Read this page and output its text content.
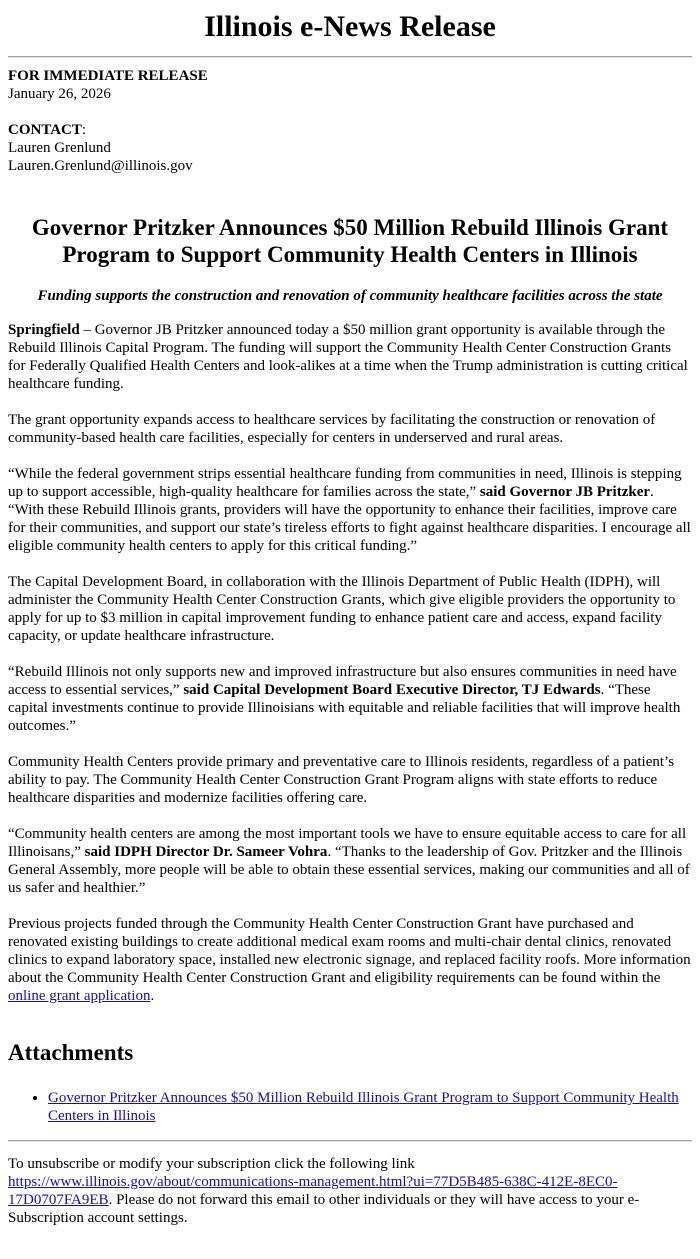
Illinois e-News Release
FOR IMMEDIATE RELEASE
January 26, 2026
CONTACT:
Lauren Grenlund
Lauren.Grenlund@illinois.gov
Governor Pritzker Announces $50 Million Rebuild Illinois Grant Program to Support Community Health Centers in Illinois

Funding supports the construction and renovation of community healthcare facilities across the state

Springfield – Governor JB Pritzker announced today a $50 million grant opportunity is available through the Rebuild Illinois Capital Program. The funding will support the Community Health Center Construction Grants for Federally Qualified Health Centers and look-alikes at a time when the Trump administration is cutting critical healthcare funding.

The grant opportunity expands access to healthcare services by facilitating the construction or renovation of community-based health care facilities, especially for centers in underserved and rural areas.

“While the federal government strips essential healthcare funding from communities in need, Illinois is stepping up to support accessible, high-quality healthcare for families across the state,” said Governor JB Pritzker. “With these Rebuild Illinois grants, providers will have the opportunity to enhance their facilities, improve care for their communities, and support our state’s tireless efforts to fight against healthcare disparities. I encourage all eligible community health centers to apply for this critical funding.”

The Capital Development Board, in collaboration with the Illinois Department of Public Health (IDPH), will administer the Community Health Center Construction Grants, which give eligible providers the opportunity to apply for up to $3 million in capital improvement funding to enhance patient care and access, expand facility capacity, or update healthcare infrastructure.

“Rebuild Illinois not only supports new and improved infrastructure but also ensures communities in need have access to essential services,” said Capital Development Board Executive Director, TJ Edwards. “These capital investments continue to provide Illinoisians with equitable and reliable facilities that will improve health outcomes.”

Community Health Centers provide primary and preventative care to Illinois residents, regardless of a patient’s ability to pay. The Community Health Center Construction Grant Program aligns with state efforts to reduce healthcare disparities and modernize facilities offering care.

“Community health centers are among the most important tools we have to ensure equitable access to care for all Illinoisans,” said IDPH Director Dr. Sameer Vohra. “Thanks to the leadership of Gov. Pritzker and the Illinois General Assembly, more people will be able to obtain these essential services, making our communities and all of us safer and healthier.”

Previous projects funded through the Community Health Center Construction Grant have purchased and renovated existing buildings to create additional medical exam rooms and multi-chair dental clinics, renovated clinics to expand laboratory space, installed new electronic signage, and replaced facility roofs. More information about the Community Health Center Construction Grant and eligibility requirements can be found within the online grant application.

Attachments
• Governor Pritzker Announces $50 Million Rebuild Illinois Grant Program to Support Community Health Centers in Illinois
To unsubscribe or modify your subscription click the following link
https://www.illinois.gov/about/communications-management.html?ui=77D5B485-638C-412E-8EC0-17D0707FA9EB. Please do not forward this email to other individuals or they will have access to your e-Subscription account settings.
